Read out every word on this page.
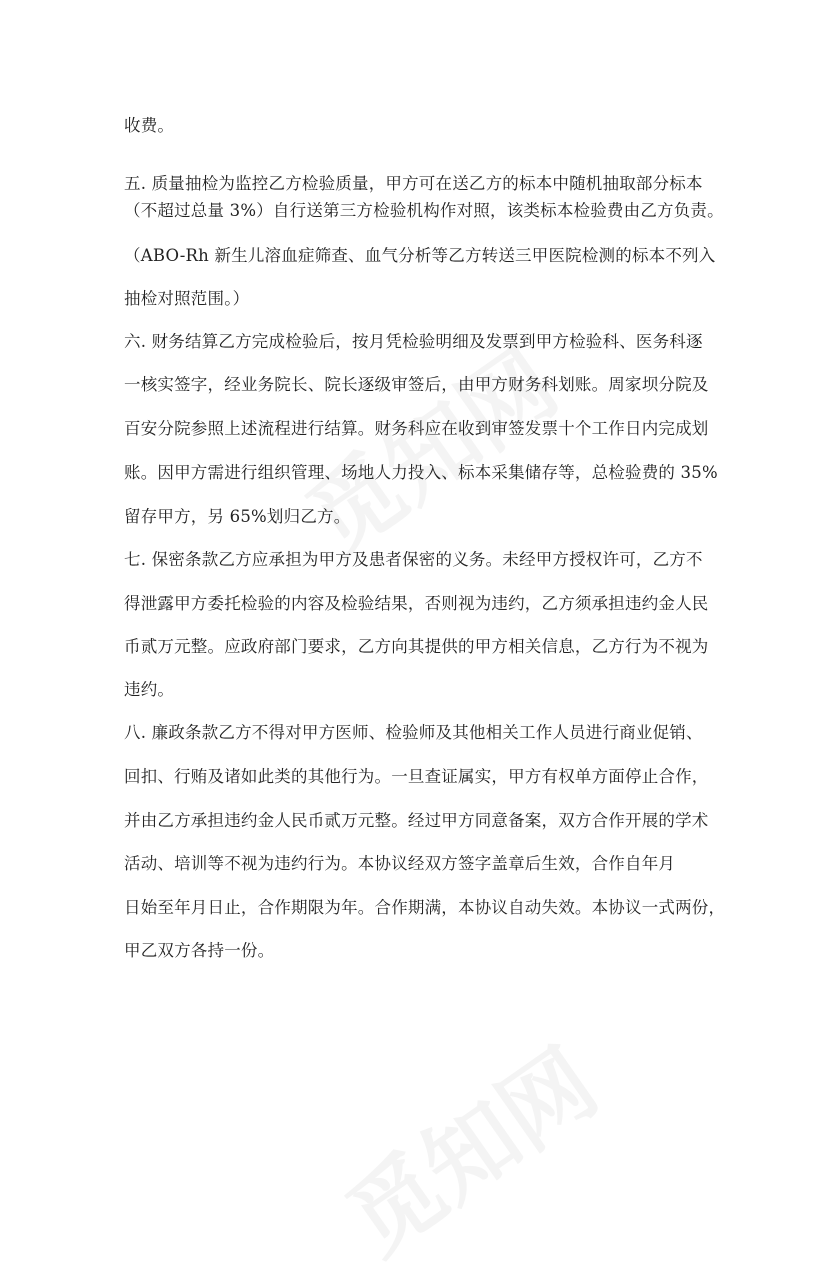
收费。
五. 质量抽检为监控乙方检验质量，甲方可在送乙方的标本中随机抽取部分标本
（不超过总量 3%）自行送第三方检验机构作对照，该类标本检验费由乙方负责。
（ABO-Rh 新生儿溶血症筛查、血气分析等乙方转送三甲医院检测的标本不列入
抽检对照范围。）
六. 财务结算乙方完成检验后，按月凭检验明细及发票到甲方检验科、医务科逐
一核实签字，经业务院长、院长逐级审签后，由甲方财务科划账。周家坝分院及
百安分院参照上述流程进行结算。财务科应在收到审签发票十个工作日内完成划
账。因甲方需进行组织管理、场地人力投入、标本采集储存等，总检验费的 35%
留存甲方，另 65%划归乙方。
七. 保密条款乙方应承担为甲方及患者保密的义务。未经甲方授权许可，乙方不
得泄露甲方委托检验的内容及检验结果，否则视为违约，乙方须承担违约金人民
币贰万元整。应政府部门要求，乙方向其提供的甲方相关信息，乙方行为不视为
违约。
八. 廉政条款乙方不得对甲方医师、检验师及其他相关工作人员进行商业促销、
回扣、行贿及诸如此类的其他行为。一旦查证属实，甲方有权单方面停止合作，
并由乙方承担违约金人民币贰万元整。经过甲方同意备案，双方合作开展的学术
活动、培训等不视为违约行为。本协议经双方签字盖章后生效，合作自年月
日始至年月日止，合作期限为年。合作期满，本协议自动失效。本协议一式两份，
甲乙双方各持一份。
